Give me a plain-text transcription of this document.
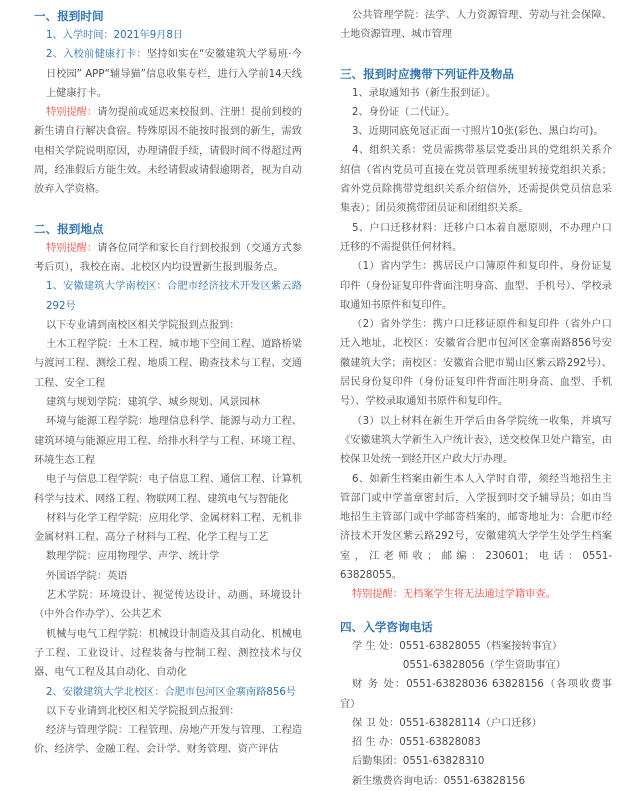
一、报到时间

1、入学时间：2021年9月8日

2、入校前健康打卡：坚持如实在“安徽建筑大学易班·今日校园” APP“辅导猫”信息收集专栏，进行入学前14天线上健康打卡。

特别提醒：请勿提前或延迟来校报到、注册！提前到校的新生请自行解决食宿。特殊原因不能按时报到的新生，需致电相关学院说明原因，办理请假手续，请假时间不得超过两周，经准假后方能生效。未经请假或请假逾期者，视为自动放弃入学资格。

二、报到地点

特别提醒：请各位同学和家长自行到校报到（交通方式参考后页），我校在南、北校区内均设置新生报到服务点。

1、安徽建筑大学南校区：合肥市经济技术开发区紫云路292号

以下专业请到南校区相关学院报到点报到：

土木工程学院：土木工程、城市地下空间工程、道路桥梁与渡河工程、测绘工程、地质工程、勘查技术与工程、交通工程、安全工程

建筑与规划学院：建筑学、城乡规划、风景园林

环境与能源工程学院：地理信息科学、能源与动力工程、建筑环境与能源应用工程、给排水科学与工程、环境工程、环境生态工程

电子与信息工程学院：电子信息工程、通信工程、计算机科学与技术、网络工程、物联网工程、建筑电气与智能化

材料与化学工程学院：应用化学、金属材料工程、无机非金属材料工程、高分子材料与工程、化学工程与工艺

数理学院：应用物理学、声学、统计学

外国语学院：英语

艺术学院：环境设计、视觉传达设计、动画、环境设计（中外合作办学）、公共艺术

机械与电气工程学院：机械设计制造及其自动化、机械电子工程、工业设计、过程装备与控制工程、测控技术与仪器、电气工程及其自动化、自动化

2、安徽建筑大学北校区：合肥市包河区金寨南路856号

以下专业请到北校区相关学院报到点报到：

经济与管理学院：工程管理、房地产开发与管理、工程造价、经济学、金融工程、会计学、财务管理、资产评估

公共管理学院：法学、人力资源管理、劳动与社会保障、土地资源管理、城市管理

三、报到时应携带下列证件及物品

1、录取通知书（新生报到证）。

2、身份证（二代证）。

3、近期同底免冠正面一寸照片10张(彩色、黑白均可)。

4、组织关系：党员需携带基层党委出具的党组织关系介绍信（省内党员可直接在党员管理系统里转接党组织关系；省外党员除携带党组织关系介绍信外，还需提供党员信息采集表）；团员须携带团员证和团组织关系。

5、户口迁移材料：迁移户口本着自愿原则，不办理户口迁移的不需提供任何材料。

（1）省内学生：携居民户口簿原件和复印件、身份证复印件（身份证复印件背面注明身高、血型、手机号）、学校录取通知书原件和复印件。

（2）省外学生：携户口迁移证原件和复印件（省外户口迁入地址，北校区：安徽省合肥市包河区金寨南路856号安徽建筑大学；南校区：安徽省合肥市蜀山区紫云路292号）、居民身份复印件（身份证复印件背面注明身高、血型、手机号）、学校录取通知书原件和复印件。

（3）以上材料在新生开学后由各学院统一收集，并填写《安徽建筑大学新生入户统计表》，送交校保卫处户籍室，由校保卫处统一到经开区户政大厅办理。

6、如新生档案由新生本人入学时自带，须经当地招生主管部门或中学盖章密封后，入学报到时交予辅导员；如由当地招生主管部门或中学邮寄档案的，邮寄地址为：合肥市经济技术开发区紫云路292号，安徽建筑大学学生处学生档案室，江老师收；邮编：230601；电话：0551-63828055。

特别提醒：无档案学生将无法通过学籍审查。

四、入学咨询电话

学 生 处：0551-63828055（档案接转事宜）

　　　　　0551-63828056（学生资助事宜）

财 务 处：0551-63828036 63828156（各项收费事宜）

保 卫 处：0551-63828114（户口迁移）

招 生 办：0551-63828083

后勤集团：0551-63828310

新生缴费咨询电话：0551-63828156
